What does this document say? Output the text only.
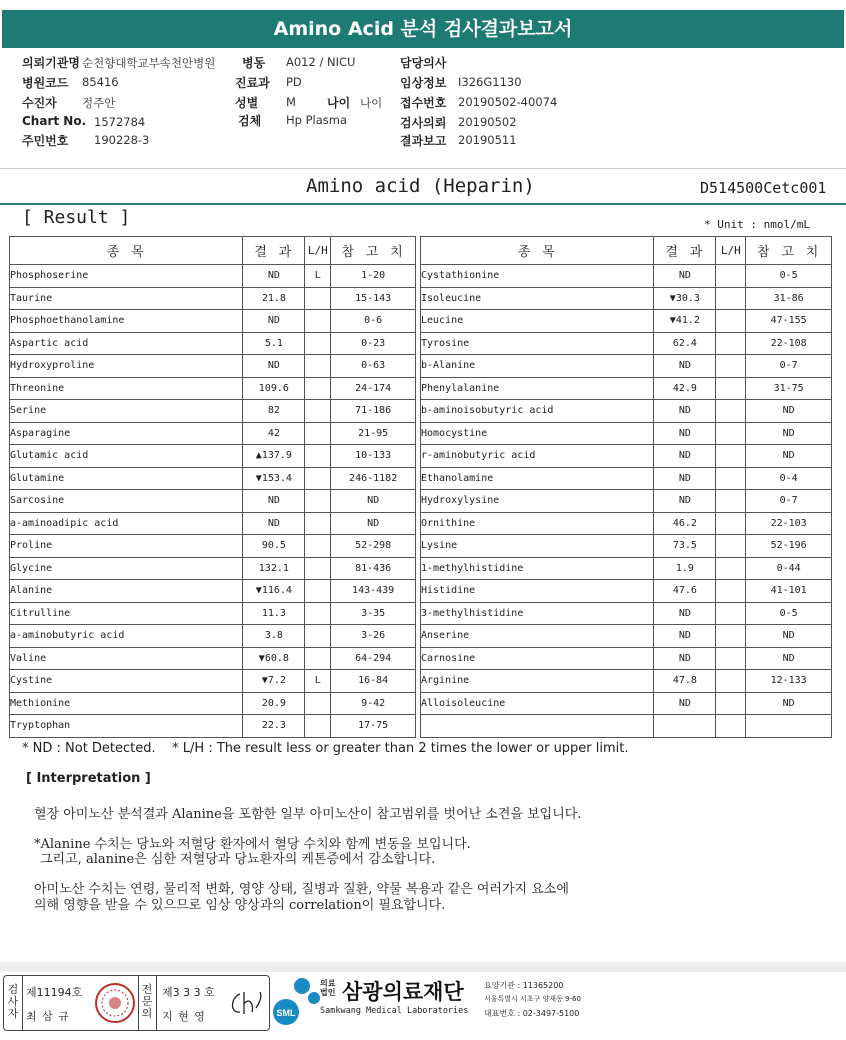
Amino Acid 분석 검사결과보고서
의뢰기관명 순천향대학교부속천안병원 병동 A012 / NICU	담당의사
병원코드 85416	진료과 PD	임상정보 I326G1130
수진자 정주안	성별 M	나이 나이 접수번호 20190502-40074
Chart No. 1572784	검체 Hp Plasma	검사의뢰 20190502
주민번호 190228-3	결과보고 20190511
Amino acid (Heparin)	D514500Cetc001
[ Result ]	* Unit : nmol/mL
종 목	결 과	L/H	참 고 치
Phosphoserine	ND	L	1-20
Taurine	21.8		15-143
Phosphoethanolamine	ND		0-6
Aspartic acid	5.1		0-23
Hydroxyproline	ND		0-63
Threonine	109.6		24-174
Serine	82		71-186
Asparagine	42		21-95
Glutamic acid	▲137.9		10-133
Glutamine	▼153.4		246-1182
Sarcosine	ND		ND
a-aminoadipic acid	ND		ND
Proline	90.5		52-298
Glycine	132.1		81-436
Alanine	▼116.4		143-439
Citrulline	11.3		3-35
a-aminobutyric acid	3.8		3-26
Valine	▼60.8		64-294
Cystine	▼7.2	L	16-84
Methionine	20.9		9-42
Tryptophan	22.3		17-75
종 목	결 과	L/H	참 고 치
Cystathionine	ND		0-5
Isoleucine	▼30.3		31-86
Leucine	▼41.2		47-155
Tyrosine	62.4		22-108
b-Alanine	ND		0-7
Phenylalanine	42.9		31-75
b-aminoisobutyric acid	ND		ND
Homocystine	ND		ND
r-aminobutyric acid	ND		ND
Ethanolamine	ND		0-4
Hydroxylysine	ND		0-7
Ornithine	46.2		22-103
Lysine	73.5		52-196
1-methylhistidine	1.9		0-44
Histidine	47.6		41-101
3-methylhistidine	ND		0-5
Anserine	ND		ND
Carnosine	ND		ND
Arginine	47.8		12-133
Alloisoleucine	ND		ND

* ND : Not Detected.    * L/H : The result less or greater than 2 times the lower or upper limit.
[ Interpretation ]
혈장 아미노산 분석결과 Alanine을 포함한 일부 아미노산이 참고범위를 벗어난 소견을 보입니다.
*Alanine 수치는 당뇨와 저혈당 환자에서 혈당 수치와 함께 변동을 보입니다.
그리고, alanine은 심한 저혈당과 당뇨환자의 케톤증에서 감소합니다.
아미노산 수치는 연령, 물리적 변화, 영양 상태, 질병과 질환, 약물 복용과 같은 여러가지 요소에
의해 영향을 받을 수 있으므로 임상 양상과의 correlation이 필요합니다.
검사자
제11194호
최 삼 규
전문의
제3 3 3 호
지 현 영	SML
의료법인 삼광의료재단
Samkwang Medical Laboratories
요양기관 : 11365200
서울특별시 서초구 양재동 9-60
대표번호 : 02-3497-5100
